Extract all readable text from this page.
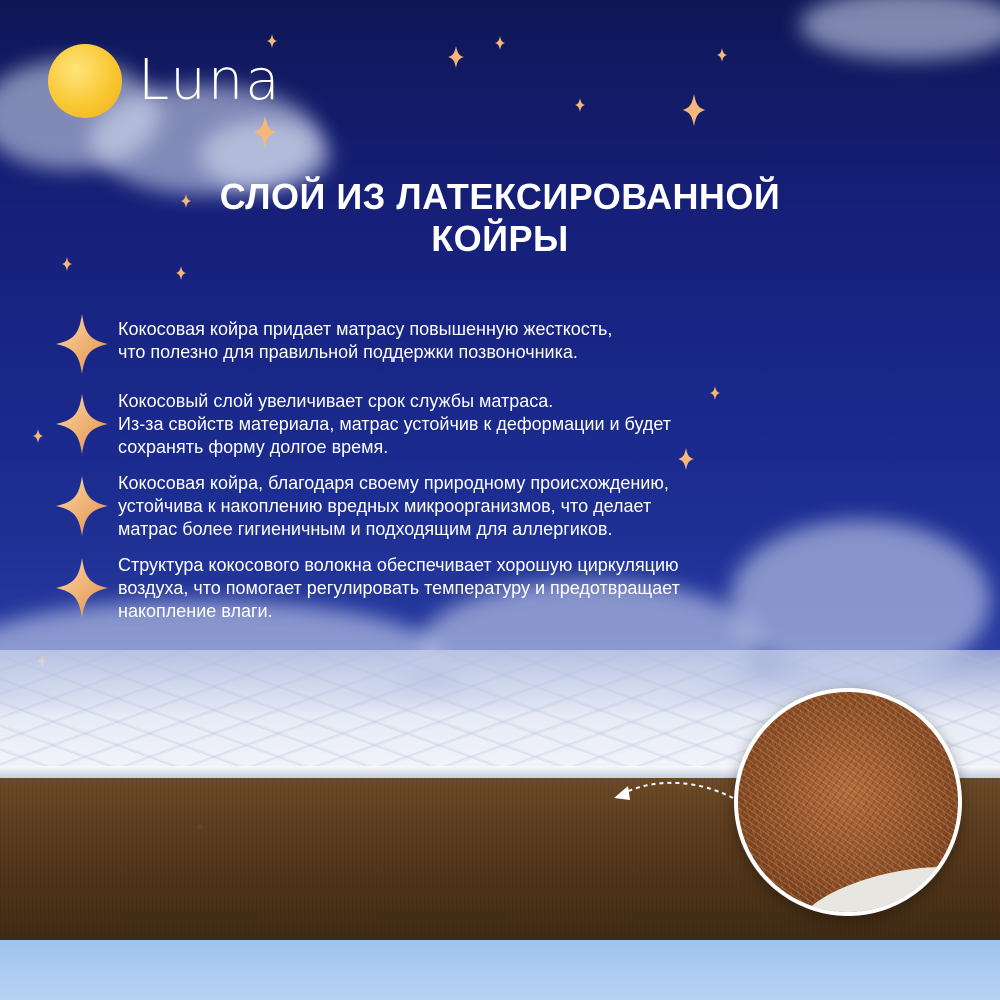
Luna
СЛОЙ ИЗ ЛАТЕКСИРОВАННОЙ
КОЙРЫ
Кокосовая койра придает матрасу повышенную жесткость,
что полезно для правильной поддержки позвоночника.
Кокосовый слой увеличивает срок службы матраса.
Из-за свойств материала, матрас устойчив к деформации и будет
сохранять форму долгое время.
Кокосовая койра, благодаря своему природному происхождению,
устойчива к накоплению вредных микроорганизмов, что делает
матрас более гигиеничным и подходящим для аллергиков.
Структура кокосового волокна обеспечивает хорошую циркуляцию
воздуха, что помогает регулировать температуру и предотвращает
накопление влаги.
